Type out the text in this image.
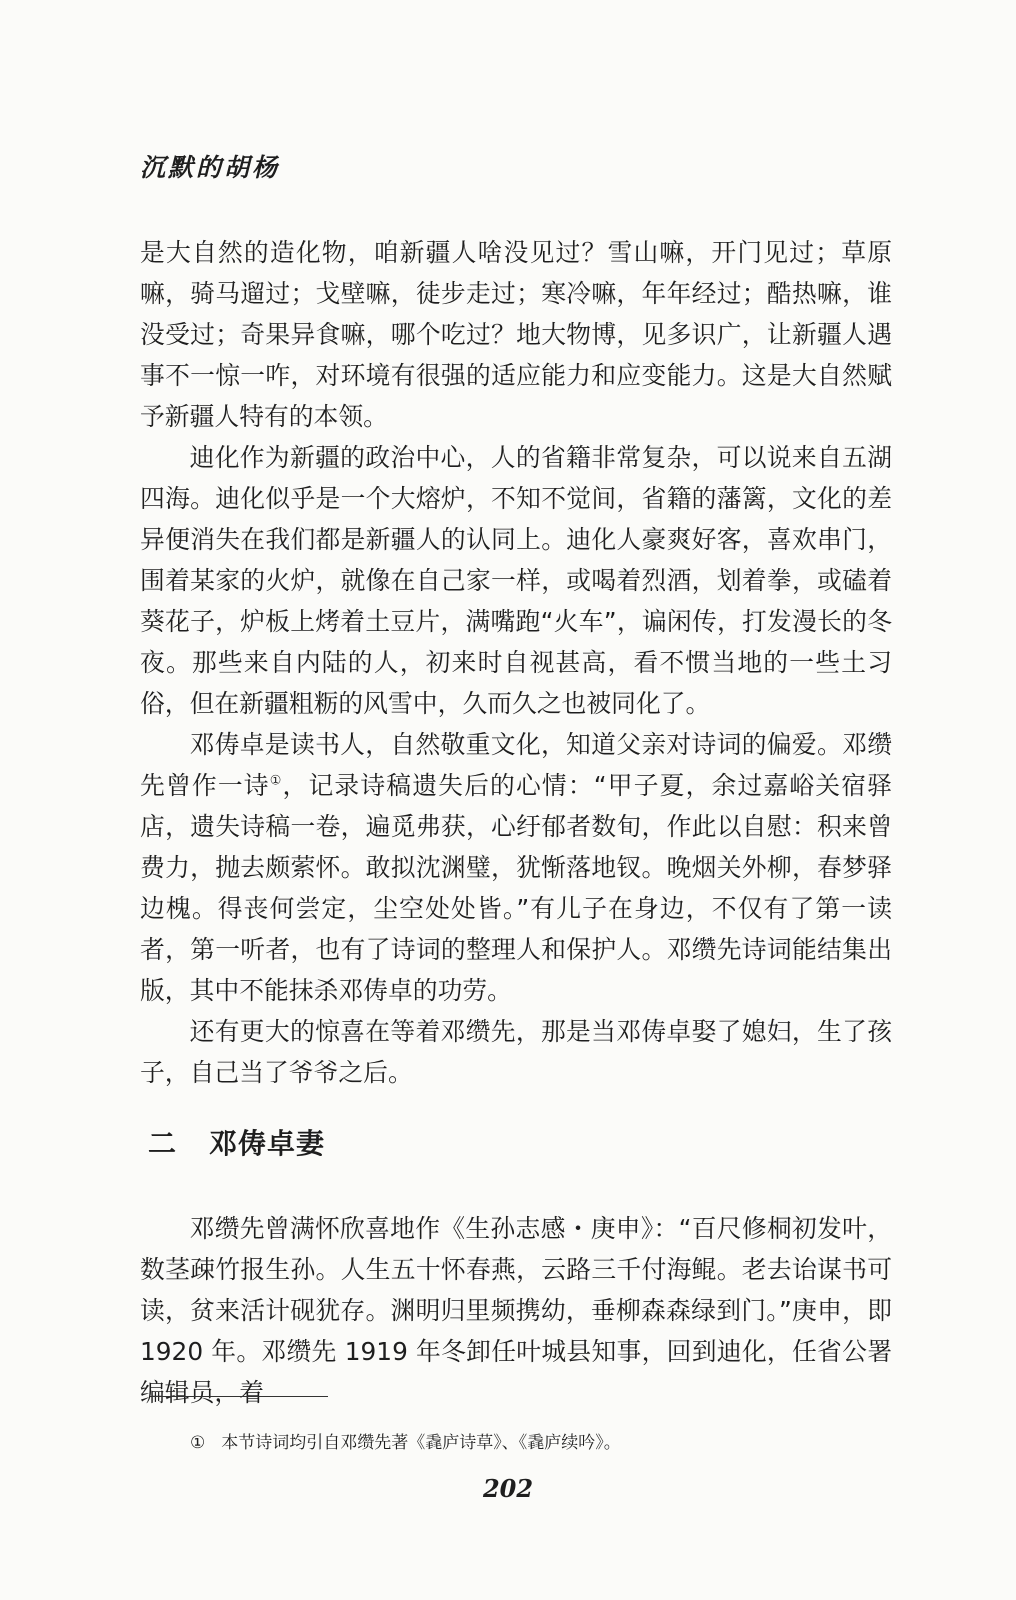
沉默的胡杨

是大自然的造化物，咱新疆人啥没见过？雪山嘛，开门见过；草原嘛，骑马遛过；戈壁嘛，徒步走过；寒冷嘛，年年经过；酷热嘛，谁没受过；奇果异食嘛，哪个吃过？地大物博，见多识广，让新疆人遇事不一惊一咋，对环境有很强的适应能力和应变能力。这是大自然赋予新疆人特有的本领。

迪化作为新疆的政治中心，人的省籍非常复杂，可以说来自五湖四海。迪化似乎是一个大熔炉，不知不觉间，省籍的藩篱，文化的差异便消失在我们都是新疆人的认同上。迪化人豪爽好客，喜欢串门，围着某家的火炉，就像在自己家一样，或喝着烈酒，划着拳，或磕着葵花子，炉板上烤着土豆片，满嘴跑“火车”，谝闲传，打发漫长的冬夜。那些来自内陆的人，初来时自视甚高，看不惯当地的一些土习俗，但在新疆粗粝的风雪中，久而久之也被同化了。

邓俦卓是读书人，自然敬重文化，知道父亲对诗词的偏爱。邓缵先曾作一诗①，记录诗稿遗失后的心情：“甲子夏，余过嘉峪关宿驿店，遗失诗稿一卷，遍觅弗获，心纡郁者数旬，作此以自慰：积来曾费力，抛去颇萦怀。敢拟沈渊璧，犹惭落地钗。晚烟关外柳，春梦驿边槐。得丧何尝定，尘空处处皆。”有儿子在身边，不仅有了第一读者，第一听者，也有了诗词的整理人和保护人。邓缵先诗词能结集出版，其中不能抹杀邓俦卓的功劳。

还有更大的惊喜在等着邓缵先，那是当邓俦卓娶了媳妇，生了孩子，自己当了爷爷之后。

二 邓俦卓妻

邓缵先曾满怀欣喜地作《生孙志感・庚申》：“百尺修桐初发叶，数茎疎竹报生孙。人生五十怀春燕，云路三千付海鲲。老去诒谋书可读，贫来活计砚犹存。渊明归里频携幼，垂柳森森绿到门。”庚申，即 1920 年。邓缵先 1919 年冬卸任叶城县知事，回到迪化，任省公署编辑员，着

① 本节诗词均引自邓缵先著《毳庐诗草》、《毳庐续吟》。
202
